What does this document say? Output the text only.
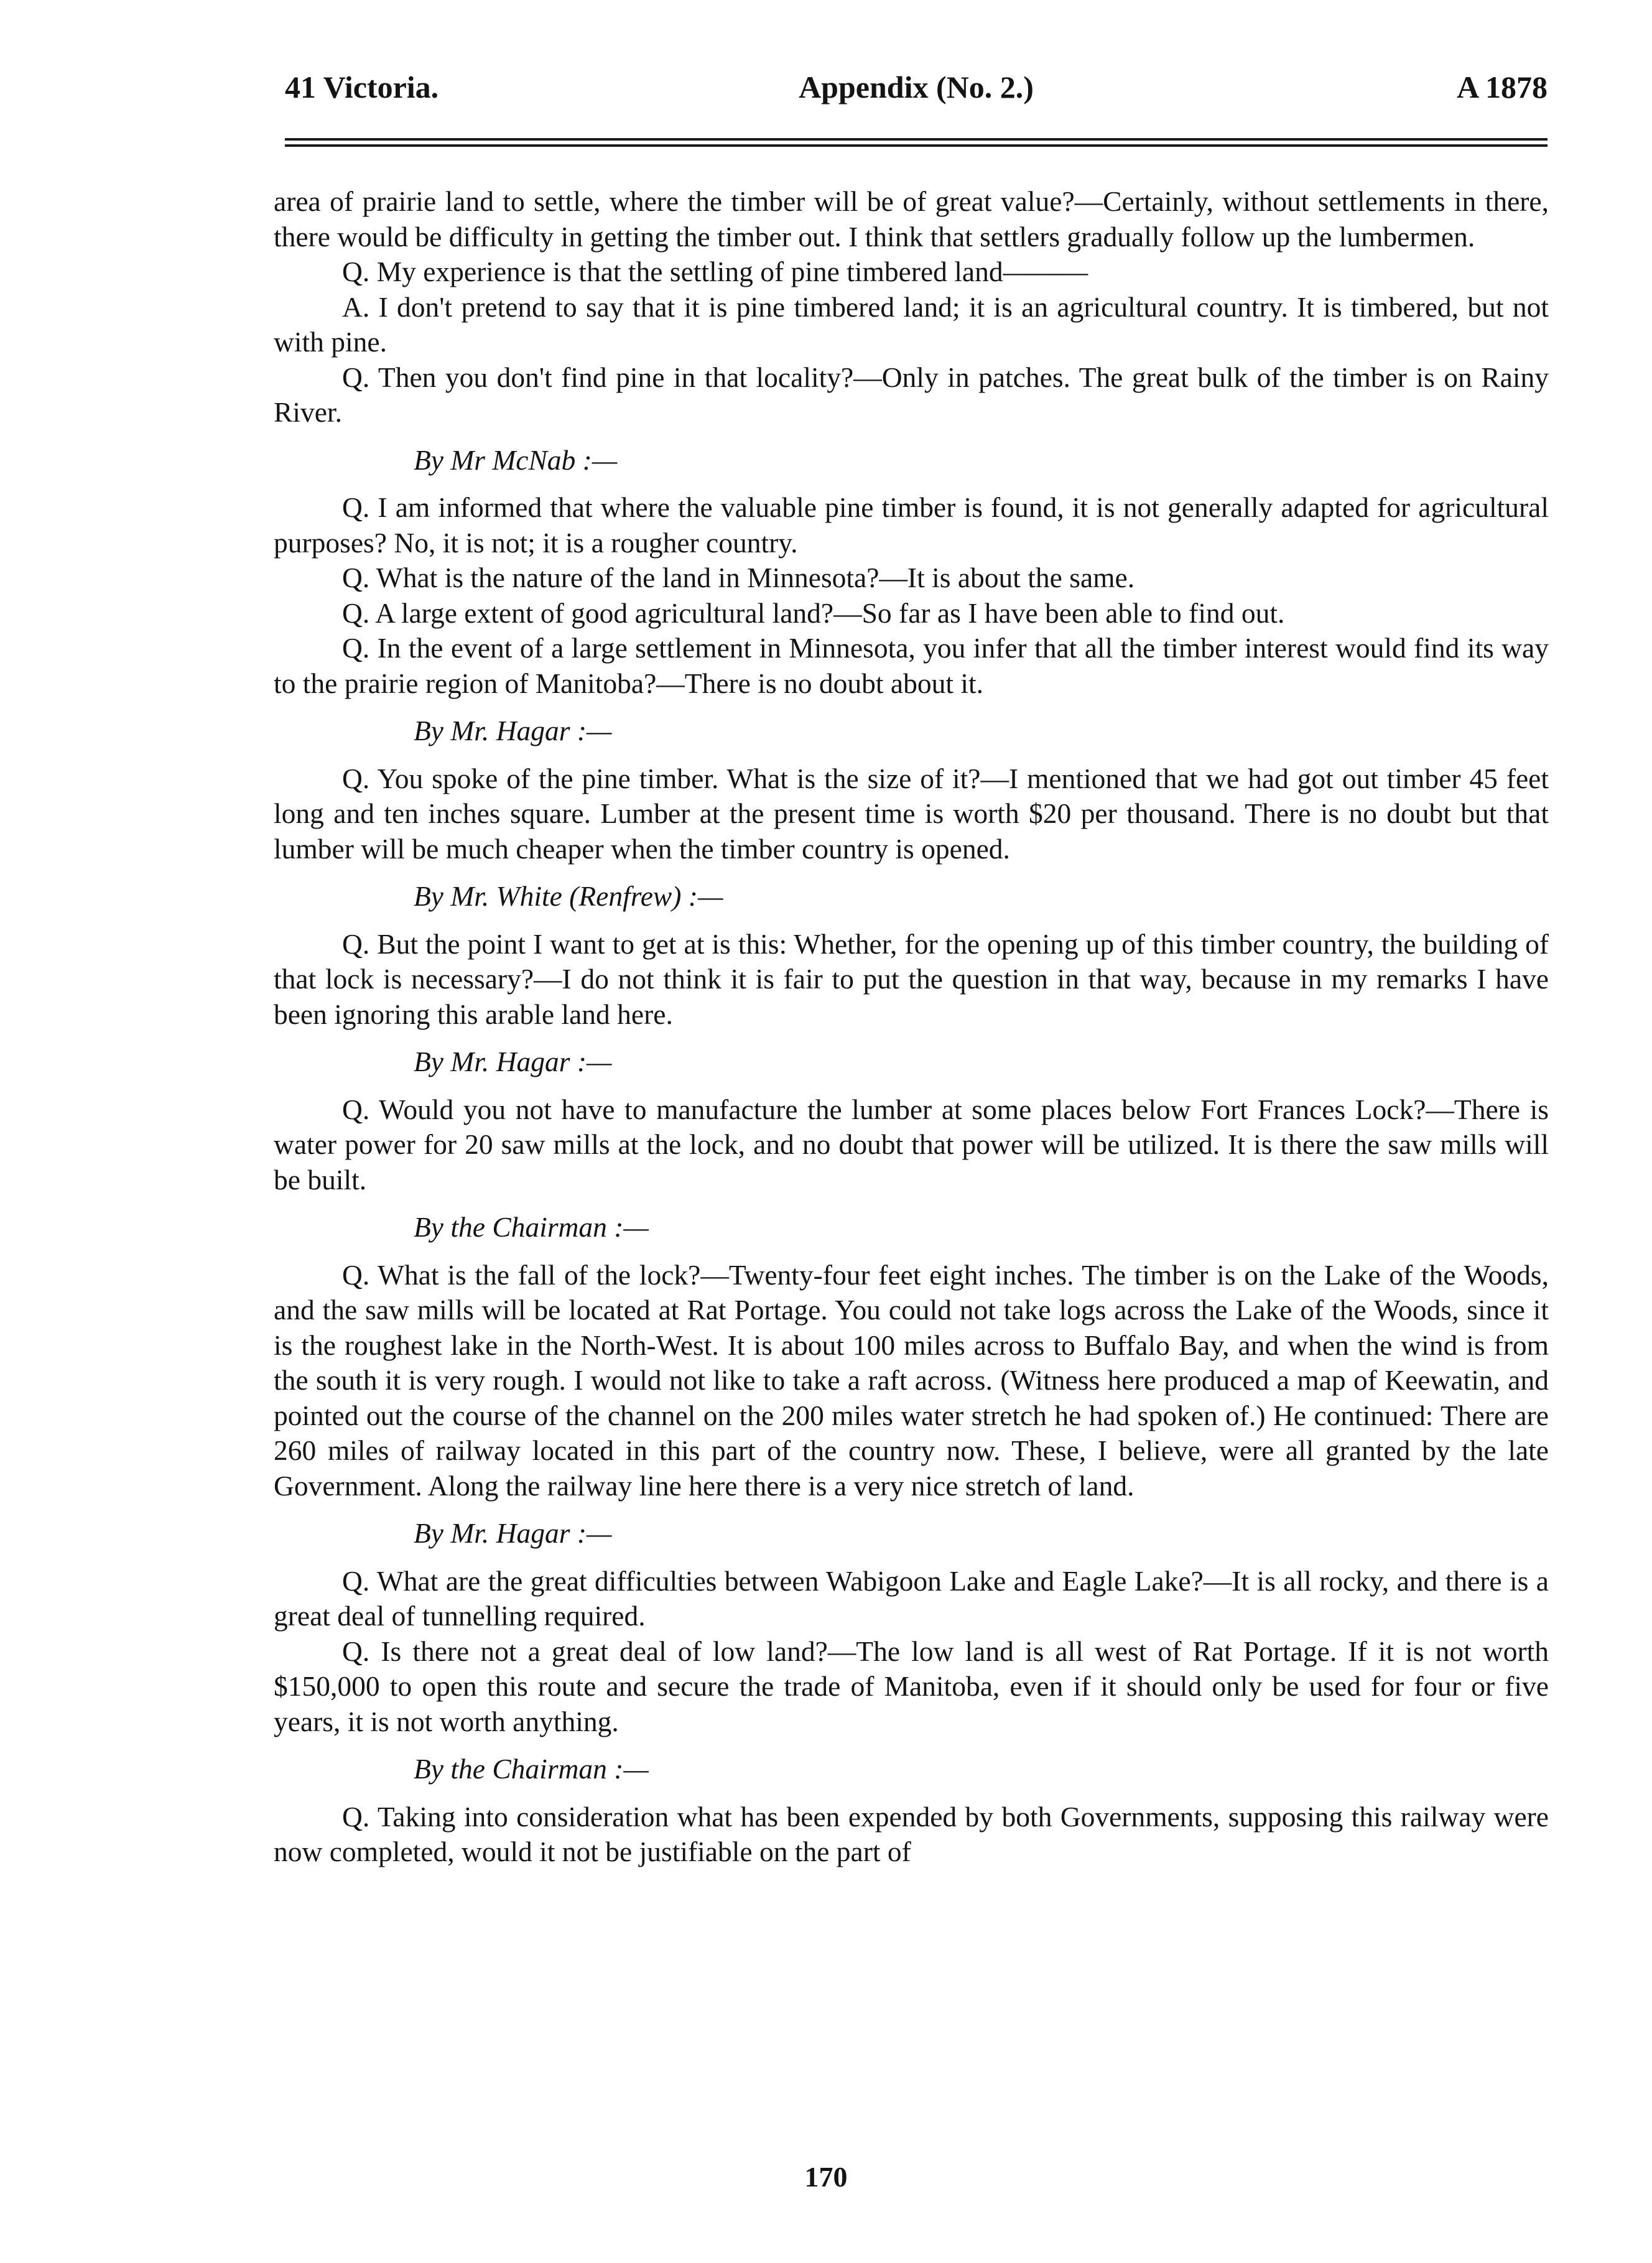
41 Victoria.	Appendix (No. 2.)	A 1878

area of prairie land to settle, where the timber will be of great value?—Certainly, without settlements in there, there would be difficulty in getting the timber out. I think that settlers gradually follow up the lumbermen.

Q. My experience is that the settling of pine timbered land———

A. I don't pretend to say that it is pine timbered land; it is an agricultural country. It is timbered, but not with pine.

Q. Then you don't find pine in that locality?—Only in patches. The great bulk of the timber is on Rainy River.

By Mr McNab :—

Q. I am informed that where the valuable pine timber is found, it is not generally adapted for agricultural purposes? No, it is not; it is a rougher country.

Q. What is the nature of the land in Minnesota?—It is about the same.

Q. A large extent of good agricultural land?—So far as I have been able to find out.

Q. In the event of a large settlement in Minnesota, you infer that all the timber interest would find its way to the prairie region of Manitoba?—There is no doubt about it.

By Mr. Hagar :—

Q. You spoke of the pine timber. What is the size of it?—I mentioned that we had got out timber 45 feet long and ten inches square. Lumber at the present time is worth $20 per thousand. There is no doubt but that lumber will be much cheaper when the timber country is opened.

By Mr. White (Renfrew) :—

Q. But the point I want to get at is this: Whether, for the opening up of this timber country, the building of that lock is necessary?—I do not think it is fair to put the question in that way, because in my remarks I have been ignoring this arable land here.

By Mr. Hagar :—

Q. Would you not have to manufacture the lumber at some places below Fort Frances Lock?—There is water power for 20 saw mills at the lock, and no doubt that power will be utilized. It is there the saw mills will be built.

By the Chairman :—

Q. What is the fall of the lock?—Twenty-four feet eight inches. The timber is on the Lake of the Woods, and the saw mills will be located at Rat Portage. You could not take logs across the Lake of the Woods, since it is the roughest lake in the North-West. It is about 100 miles across to Buffalo Bay, and when the wind is from the south it is very rough. I would not like to take a raft across. (Witness here produced a map of Keewatin, and pointed out the course of the channel on the 200 miles water stretch he had spoken of.) He continued: There are 260 miles of railway located in this part of the country now. These, I believe, were all granted by the late Government. Along the railway line here there is a very nice stretch of land.

By Mr. Hagar :—

Q. What are the great difficulties between Wabigoon Lake and Eagle Lake?—It is all rocky, and there is a great deal of tunnelling required.

Q. Is there not a great deal of low land?—The low land is all west of Rat Portage. If it is not worth $150,000 to open this route and secure the trade of Manitoba, even if it should only be used for four or five years, it is not worth anything.

By the Chairman :—

Q. Taking into consideration what has been expended by both Governments, supposing this railway were now completed, would it not be justifiable on the part of

170
